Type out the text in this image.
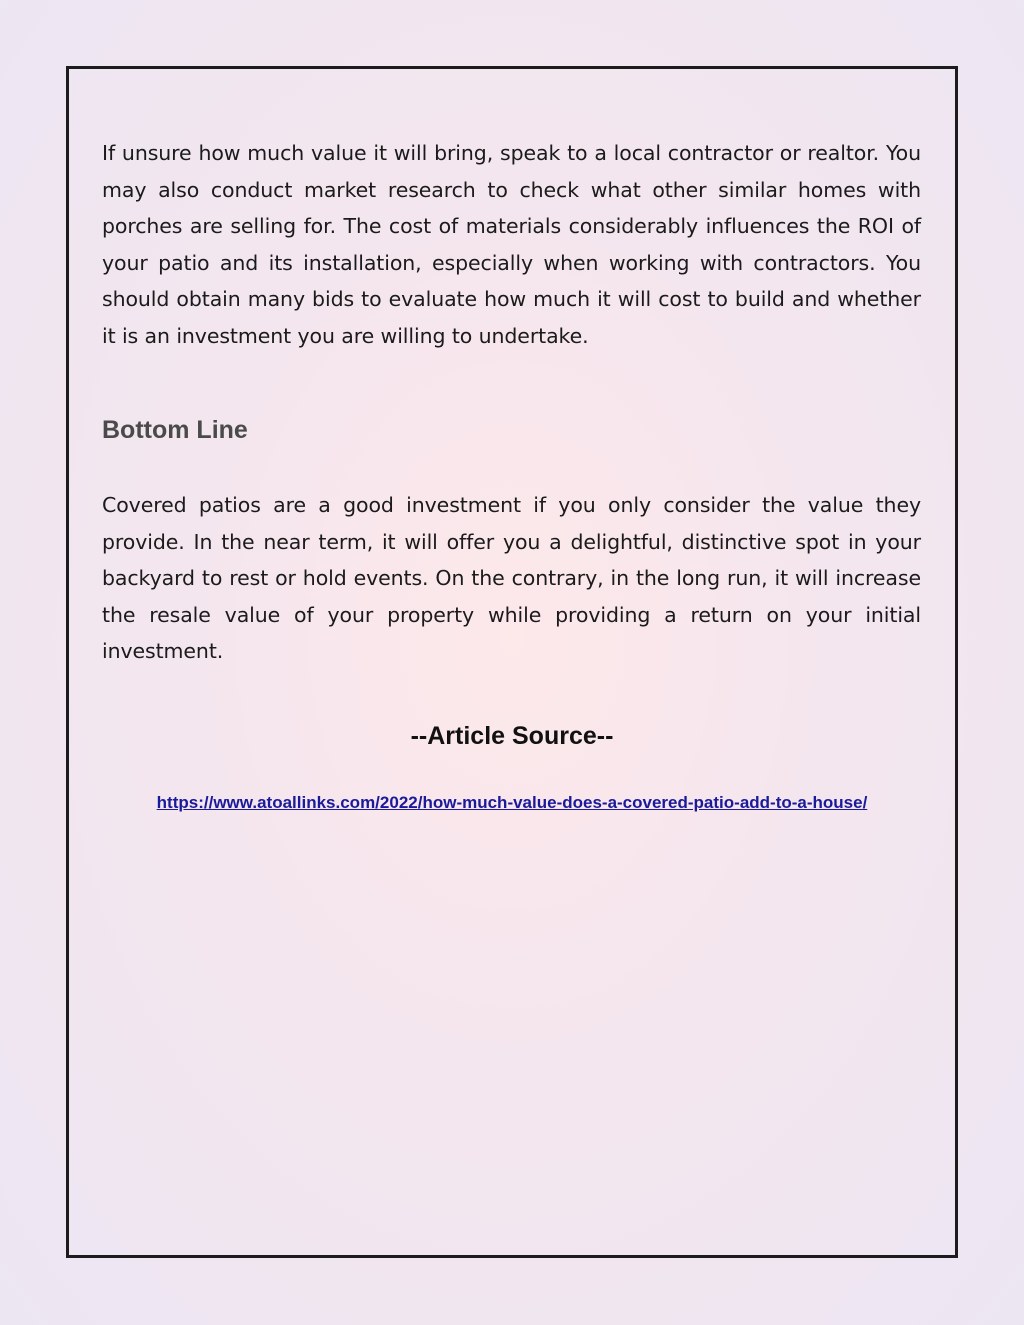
If unsure how much value it will bring, speak to a local contractor or realtor. You may also conduct market research to check what other similar homes with porches are selling for. The cost of materials considerably influences the ROI of your patio and its installation, especially when working with contractors. You should obtain many bids to evaluate how much it will cost to build and whether it is an investment you are willing to undertake.

Bottom Line

Covered patios are a good investment if you only consider the value they provide. In the near term, it will offer you a delightful, distinctive spot in your backyard to rest or hold events. On the contrary, in the long run, it will increase the resale value of your property while providing a return on your initial investment.

--Article Source--
https://www.atoallinks.com/2022/how-much-value-does-a-covered-patio-add-to-a-house/
